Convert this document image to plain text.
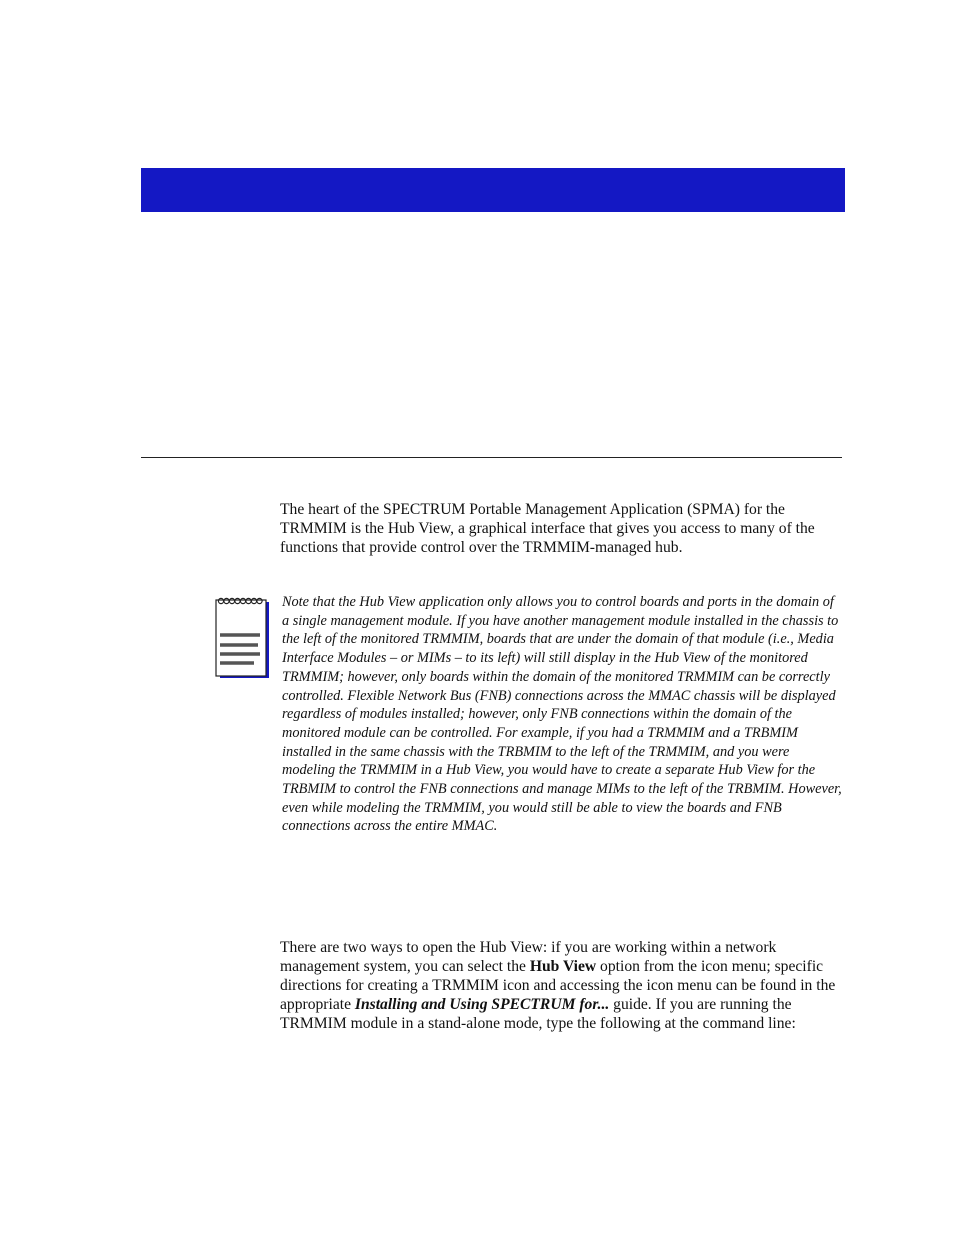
The heart of the SPECTRUM Portable Management Application (SPMA) for the TRMMIM is the Hub View, a graphical interface that gives you access to many of the functions that provide control over the TRMMIM-managed hub.

Note that the Hub View application only allows you to control boards and ports in the domain of a single management module. If you have another management module installed in the chassis to the left of the monitored TRMMIM, boards that are under the domain of that module (i.e., Media Interface Modules – or MIMs – to its left) will still display in the Hub View of the monitored TRMMIM; however, only boards within the domain of the monitored TRMMIM can be correctly controlled. Flexible Network Bus (FNB) connections across the MMAC chassis will be displayed regardless of modules installed; however, only FNB connections within the domain of the monitored module can be controlled. For example, if you had a TRMMIM and a TRBMIM installed in the same chassis with the TRBMIM to the left of the TRMMIM, and you were modeling the TRMMIM in a Hub View, you would have to create a separate Hub View for the TRBMIM to control the FNB connections and manage MIMs to the left of the TRBMIM. However, even while modeling the TRMMIM, you would still be able to view the boards and FNB connections across the entire MMAC.

There are two ways to open the Hub View: if you are working within a network management system, you can select the Hub View option from the icon menu; specific directions for creating a TRMMIM icon and accessing the icon menu can be found in the appropriate Installing and Using SPECTRUM for... guide. If you are running the TRMMIM module in a stand-alone mode, type the following at the command line:
